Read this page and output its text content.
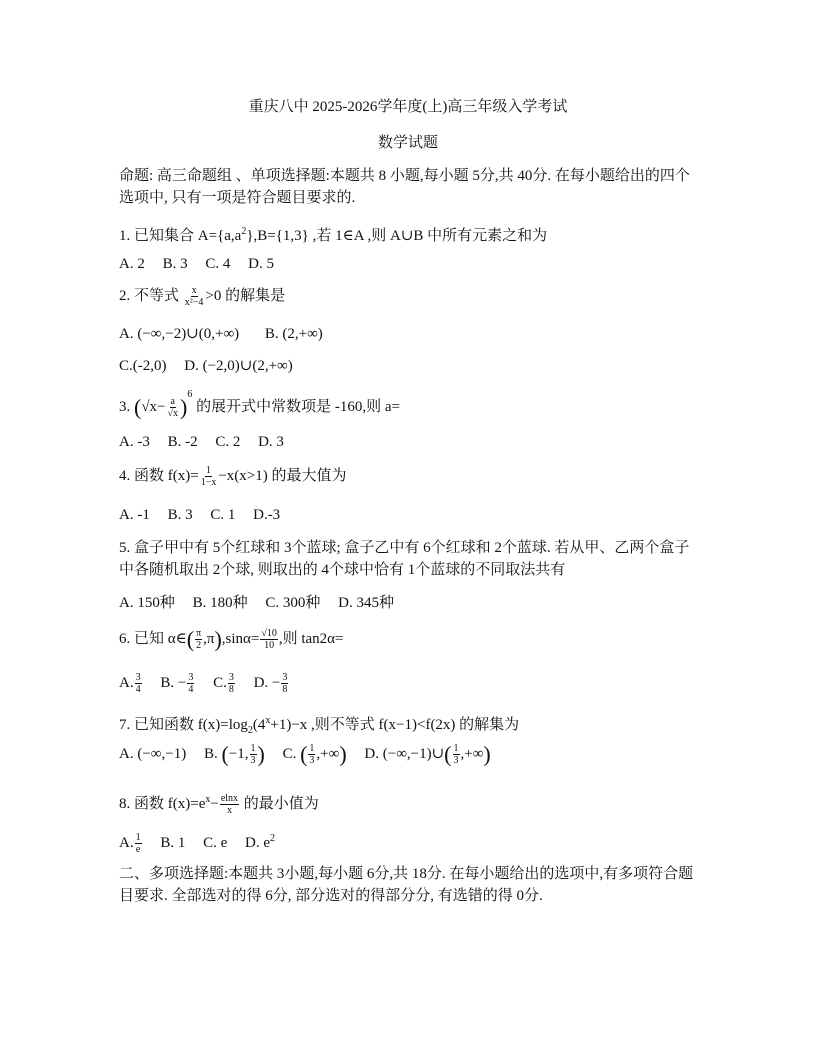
重庆八中 2025-2026学年度(上)高三年级入学考试
数学试题
命题: 高三命题组 、单项选择题:本题共 8 小题,每小题 5分,共 40分. 在每小题给出的四个选项中, 只有一项是符合题目要求的.
1. 已知集合 $A=\{a,a^2\},B=\{1,3\}$ ,若 1∈A ,则 A∪B 中所有元素之和为
A. 2 B. 3 C. 4 D. 5
2. 不等式 $\frac{x}{\text{x²−4}} >0$ 的解集是
A. (−∞,−2)∪(0,+∞) B. (2,+∞)
C.(-2,0) D. (−2,0)∪(2,+∞)
3. $(√x- \frac{a}{√x} )^6$ 的展开式中常数项是 -160,则 a=
A. -3 B. -2 C. 2 D. 3
4. 函数 $f(x)= \frac{1}{1-x} -x(x>1)$ 的最大值为
A. -1 B. 3 C. 1 D.-3
5. 盒子甲中有 5个红球和 3个蓝球; 盒子乙中有 6个红球和 2个蓝球. 若从甲、乙两个盒子中各随机取出 2个球, 则取出的 4个球中恰有 1个蓝球的不同取法共有
A. 150种 B. 180种 C. 300种 D. 345种
6. 已知 α∈( $\frac{\pi}{2} ,\pi),\sin\alpha= \frac{√10}{10}$ ,则 tan2α=
A. $\frac{3}{4} B$. − $\frac{3}{4} C$. $\frac{3}{8} D$. − $\frac{3}{8}$
7. 已知函数 $f(x)=\log_2(4^x+1)-x$ ,则不等式 f(x−1)<f(2x) 的解集为
A. (−∞,−1) B. (−1, $\frac{1}{3}$ ) C. ( $\frac{1}{3}$ ,+∞) D. (−∞,−1)∪( $\frac{1}{3}$ ,+∞)
8. 函数 $f(x)=e^x- \frac{elnx}{x}$ 的最小值为
A. $\frac{1}{e} B$. 1 C. e D. $e^2$
二、多项选择题:本题共 3小题,每小题 6分,共 18分. 在每小题给出的选项中,有多项符合题目要求. 全部选对的得 6分, 部分选对的得部分分, 有选错的得 0分.
